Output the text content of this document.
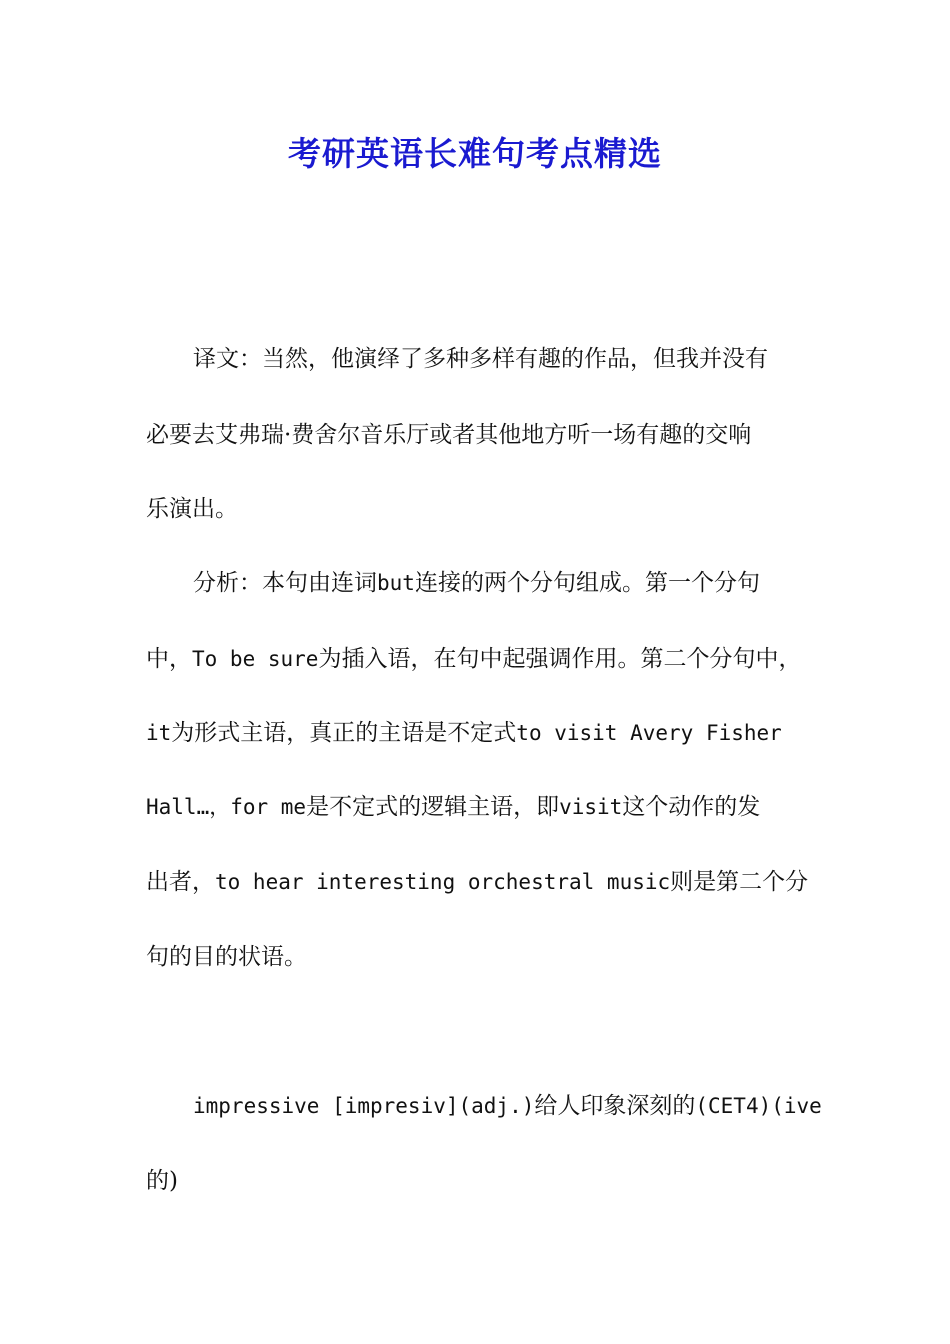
考研英语长难句考点精选

译文：当然，他演绎了多种多样有趣的作品，但我并没有

必要去艾弗瑞·费舍尔音乐厅或者其他地方听一场有趣的交响

乐演出。

分析：本句由连词but连接的两个分句组成。第一个分句

中，To be sure为插入语，在句中起强调作用。第二个分句中，

it为形式主语，真正的主语是不定式to visit Avery Fisher

Hall…，for me是不定式的逻辑主语，即visit这个动作的发

出者，to hear interesting orchestral music则是第二个分

句的目的状语。

impressive [impresiv](adj.)给人印象深刻的(CET4)(ive

的)
